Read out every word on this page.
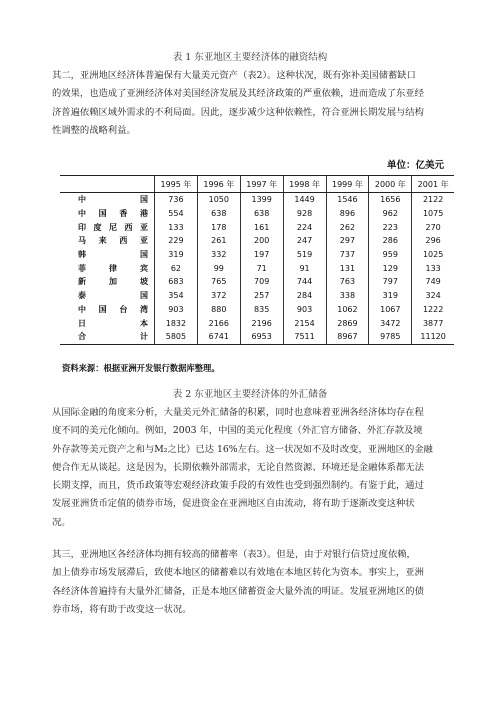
表 1 东亚地区主要经济体的融资结构

其二，亚洲地区经济体普遍保有大量美元资产（表2）。这种状况，既有弥补美国储蓄缺口
的效果，也造成了亚洲经济体对美国经济发展及其经济政策的严重依赖，进而造成了东亚经
济普遍依赖区域外需求的不利局面。因此，逐步减少这种依赖性，符合亚洲长期发展与结构
性调整的战略利益。

单位：亿美元
	1995 年	1996 年	1997 年	1998 年	1999 年	2000 年	2001 年
中国	736	1050	1399	1449	1546	1656	2122
中国香港	554	638	638	928	896	962	1075
印度尼西亚	133	178	161	224	262	223	270
马来西亚	229	261	200	247	297	286	296
韩国	319	332	197	519	737	959	1025
菲律宾	62	99	71	91	131	129	133
新加坡	683	765	709	744	763	797	749
泰国	354	372	257	284	338	319	324
中国台湾	903	880	835	903	1062	1067	1222
日本	1832	2166	2196	2154	2869	3472	3877
合计	5805	6741	6953	7511	8967	9785	11120
资料来源：根据亚洲开发银行数据库整理。
表 2 东亚地区主要经济体的外汇储备

从国际金融的角度来分析，大量美元外汇储备的积累，同时也意味着亚洲各经济体均存在程
度不同的美元化倾向。例如，2003 年，中国的美元化程度（外汇官方储备、外汇存款及境
外存款等美元资产之和与M₂之比）已达 16%左右。这一状况如不及时改变，亚洲地区的金融
便合作无从谈起。这是因为，长期依赖外部需求，无论自然资源、环境还是金融体系都无法
长期支撑，而且，货币政策等宏观经济政策手段的有效性也受到强烈制约。有鉴于此，通过
发展亚洲货币定值的债券市场，促进资金在亚洲地区自由流动，将有助于逐渐改变这种状
况。

其三，亚洲地区各经济体均拥有较高的储蓄率（表3）。但是，由于对银行信贷过度依赖，
加上债券市场发展滞后，致使本地区的储蓄难以有效地在本地区转化为资本。事实上，亚洲
各经济体普遍持有大量外汇储备，正是本地区储蓄资金大量外流的明证。发展亚洲地区的债
券市场，将有助于改变这一状况。
